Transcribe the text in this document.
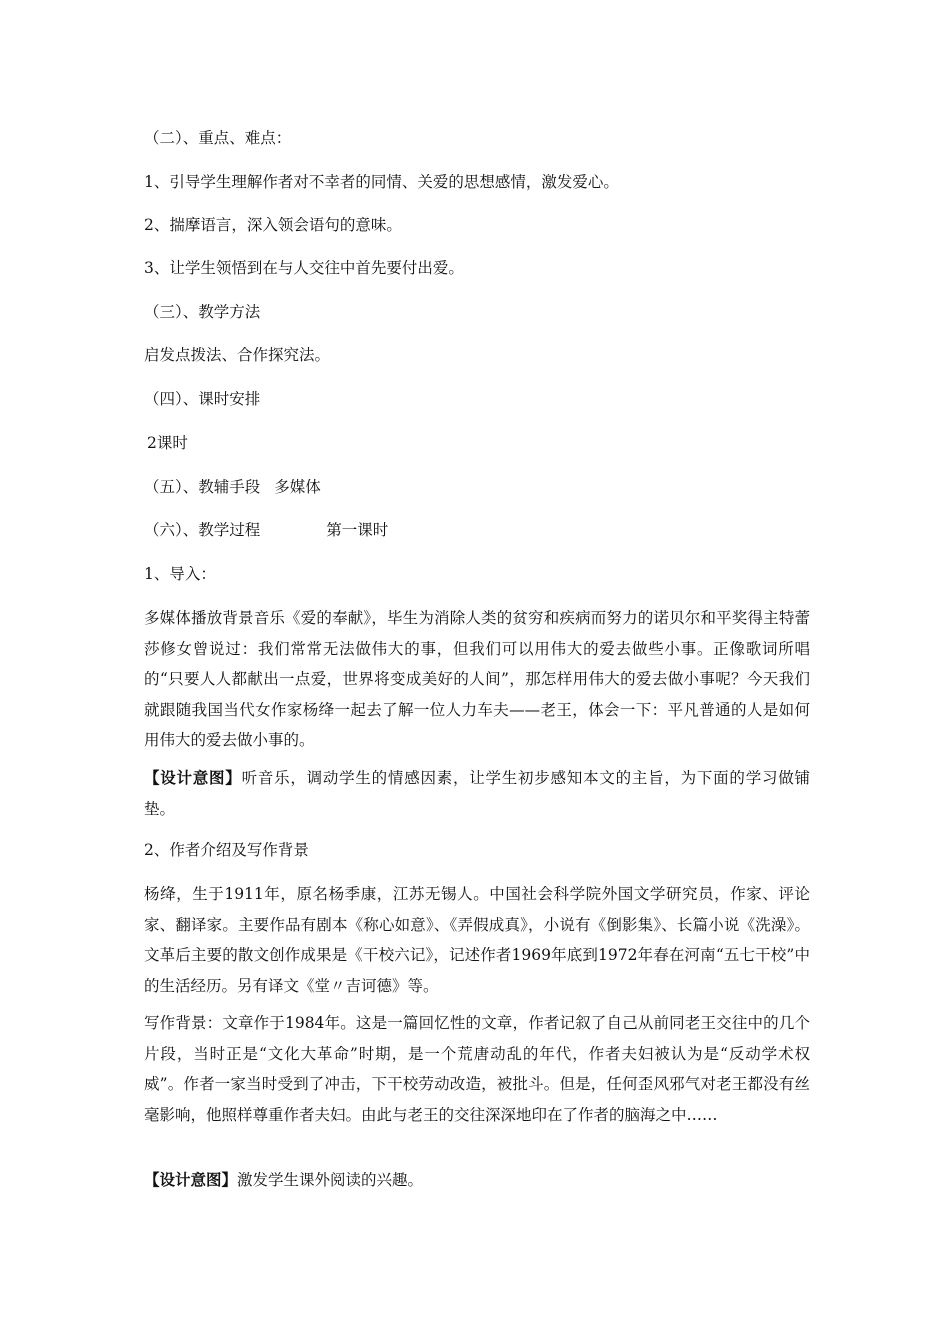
（二）、重点、难点：

1、引导学生理解作者对不幸者的同情、关爱的思想感情，激发爱心。

2、揣摩语言，深入领会语句的意味。

3、让学生领悟到在与人交往中首先要付出爱。

（三）、教学方法

启发点拨法、合作探究法。

（四）、课时安排

2课时

（五）、教辅手段 多媒体

（六）、教学过程	第一课时

1、导入：

多媒体播放背景音乐《爱的奉献》，毕生为消除人类的贫穷和疾病而努力的诺贝尔和平奖得主特蕾莎修女曾说过：我们常常无法做伟大的事，但我们可以用伟大的爱去做些小事。正像歌词所唱的“只要人人都献出一点爱，世界将变成美好的人间”，那怎样用伟大的爱去做小事呢？今天我们就跟随我国当代女作家杨绛一起去了解一位人力车夫——老王，体会一下：平凡普通的人是如何用伟大的爱去做小事的。

【设计意图】听音乐，调动学生的情感因素，让学生初步感知本文的主旨，为下面的学习做铺垫。

2、作者介绍及写作背景

杨绛，生于1911年，原名杨季康，江苏无锡人。中国社会科学院外国文学研究员，作家、评论家、翻译家。主要作品有剧本《称心如意》、《弄假成真》，小说有《倒影集》、长篇小说《洗澡》。文革后主要的散文创作成果是《干校六记》，记述作者1969年底到1972年春在河南“五七干校”中的生活经历。另有译文《堂〃吉诃德》等。

写作背景：文章作于1984年。这是一篇回忆性的文章，作者记叙了自己从前同老王交往中的几个片段，当时正是“文化大革命”时期，是一个荒唐动乱的年代，作者夫妇被认为是“反动学术权威”。作者一家当时受到了冲击，下干校劳动改造，被批斗。但是，任何歪风邪气对老王都没有丝毫影响，他照样尊重作者夫妇。由此与老王的交往深深地印在了作者的脑海之中……

【设计意图】激发学生课外阅读的兴趣。
